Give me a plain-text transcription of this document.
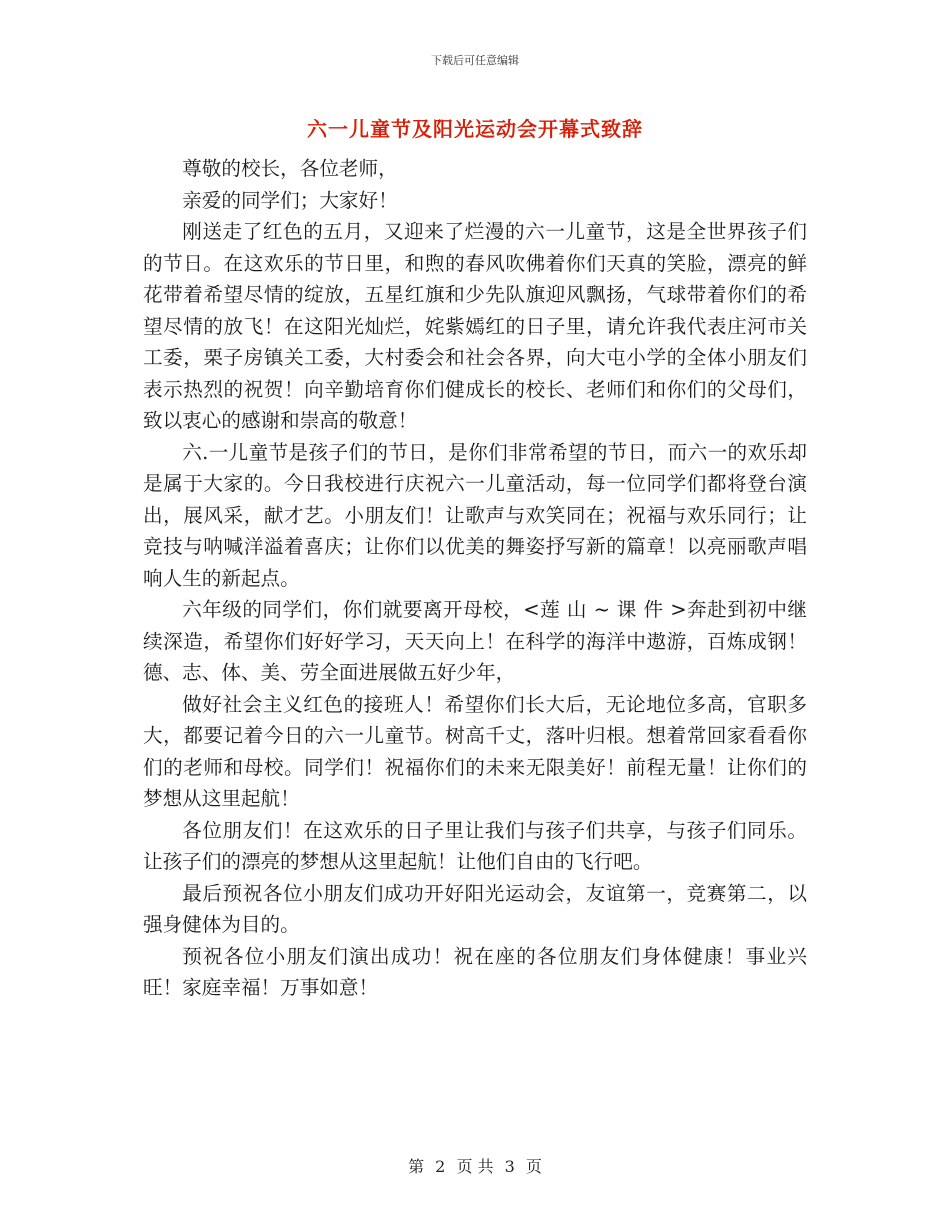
下载后可任意编辑
六一儿童节及阳光运动会开幕式致辞

尊敬的校长，各位老师，

亲爱的同学们；大家好！

刚送走了红色的五月，又迎来了烂漫的六一儿童节，这是全世界孩子们的节日。在这欢乐的节日里，和煦的春风吹佛着你们天真的笑脸，漂亮的鲜花带着希望尽情的绽放，五星红旗和少先队旗迎风飘扬，气球带着你们的希望尽情的放飞！在这阳光灿烂，姹紫嫣红的日子里，请允许我代表庄河市关工委，栗子房镇关工委，大村委会和社会各界，向大屯小学的全体小朋友们表示热烈的祝贺！向辛勤培育你们健成长的校长、老师们和你们的父母们，致以衷心的感谢和崇高的敬意！

六.一儿童节是孩子们的节日，是你们非常希望的节日，而六一的欢乐却是属于大家的。今日我校进行庆祝六一儿童活动，每一位同学们都将登台演出，展风采，献才艺。小朋友们！让歌声与欢笑同在；祝福与欢乐同行；让竞技与呐喊洋溢着喜庆；让你们以优美的舞姿抒写新的篇章！以亮丽歌声唱响人生的新起点。

六年级的同学们，你们就要离开母校，<莲 山 ~ 课 件 >奔赴到初中继续深造，希望你们好好学习，天天向上！在科学的海洋中遨游，百炼成钢！德、志、体、美、劳全面进展做五好少年，

做好社会主义红色的接班人！希望你们长大后，无论地位多高，官职多大，都要记着今日的六一儿童节。树高千丈，落叶归根。想着常回家看看你们的老师和母校。同学们！祝福你们的未来无限美好！前程无量！让你们的梦想从这里起航！

各位朋友们！在这欢乐的日子里让我们与孩子们共享，与孩子们同乐。让孩子们的漂亮的梦想从这里起航！让他们自由的飞行吧。

最后预祝各位小朋友们成功开好阳光运动会，友谊第一，竞赛第二，以强身健体为目的。

预祝各位小朋友们演出成功！祝在座的各位朋友们身体健康！事业兴旺！家庭幸福！万事如意！

第 2 页 共 3 页
